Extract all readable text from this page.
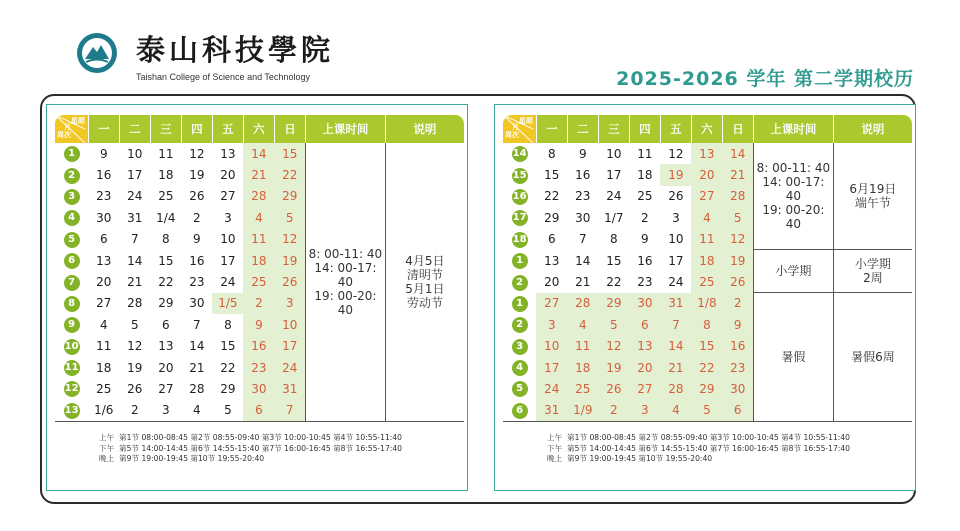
泰山科技學院
Taishan College of Science and Technology	2025-2026 学年 第二学期校历
星期
月
周次	一	二	三	四	五	六	日	上课时间	说明
1	9	10	11	12	13	14	15	8: 00-11: 40
14: 00-17: 40
19: 00-20: 40	4月5日
清明节
5月1日
劳动节

2	16	17	18	19	20	21	22		
3	23	24	25	26	27	28	29		
4	30	31	1/4	2	3	4	5		
5	6	7	8	9	10	11	12		
6	13	14	15	16	17	18	19		
7	20	21	22	23	24	25	26		
8	27	28	29	30	1/5	2	3		
9	4	5	6	7	8	9	10		
10	11	12	13	14	15	16	17		
11	18	19	20	21	22	23	24		
12	25	26	27	28	29	30	31		
13	1/6	2	3	4	5	6	7		
上午  第1节 08:00-08:45 第2节 08:55-09:40 第3节 10:00-10:45 第4节 10:55-11:40
下午  第5节 14:00-14:45 第6节 14:55-15:40 第7节 16:00-16:45 第8节 16:55-17:40
晚上  第9节 19:00-19:45 第10节 19:55-20:40
星期
月
周次	一	二	三	四	五	六	日	上课时间	说明
14	8	9	10	11	12	13	14	8: 00-11: 40
14: 00-17: 40
19: 00-20: 40	6月19日
端午节

15	15	16	17	18	19	20	21		
16	22	23	24	25	26	27	28		
17	29	30	1/7	2	3	4	5		
18	6	7	8	9	10	11	12		
1	13	14	15	16	17	18	19	小学期	小学期
2周

2	20	21	22	23	24	25	26		
1	27	28	29	30	31	1/8	2	暑假	暑假6周

2	3	4	5	6	7	8	9		
3	10	11	12	13	14	15	16		
4	17	18	19	20	21	22	23		
5	24	25	26	27	28	29	30		
6	31	1/9	2	3	4	5	6		
上午  第1节 08:00-08:45 第2节 08:55-09:40 第3节 10:00-10:45 第4节 10:55-11:40
下午  第5节 14:00-14:45 第6节 14:55-15:40 第7节 16:00-16:45 第8节 16:55-17:40
晚上  第9节 19:00-19:45 第10节 19:55-20:40
